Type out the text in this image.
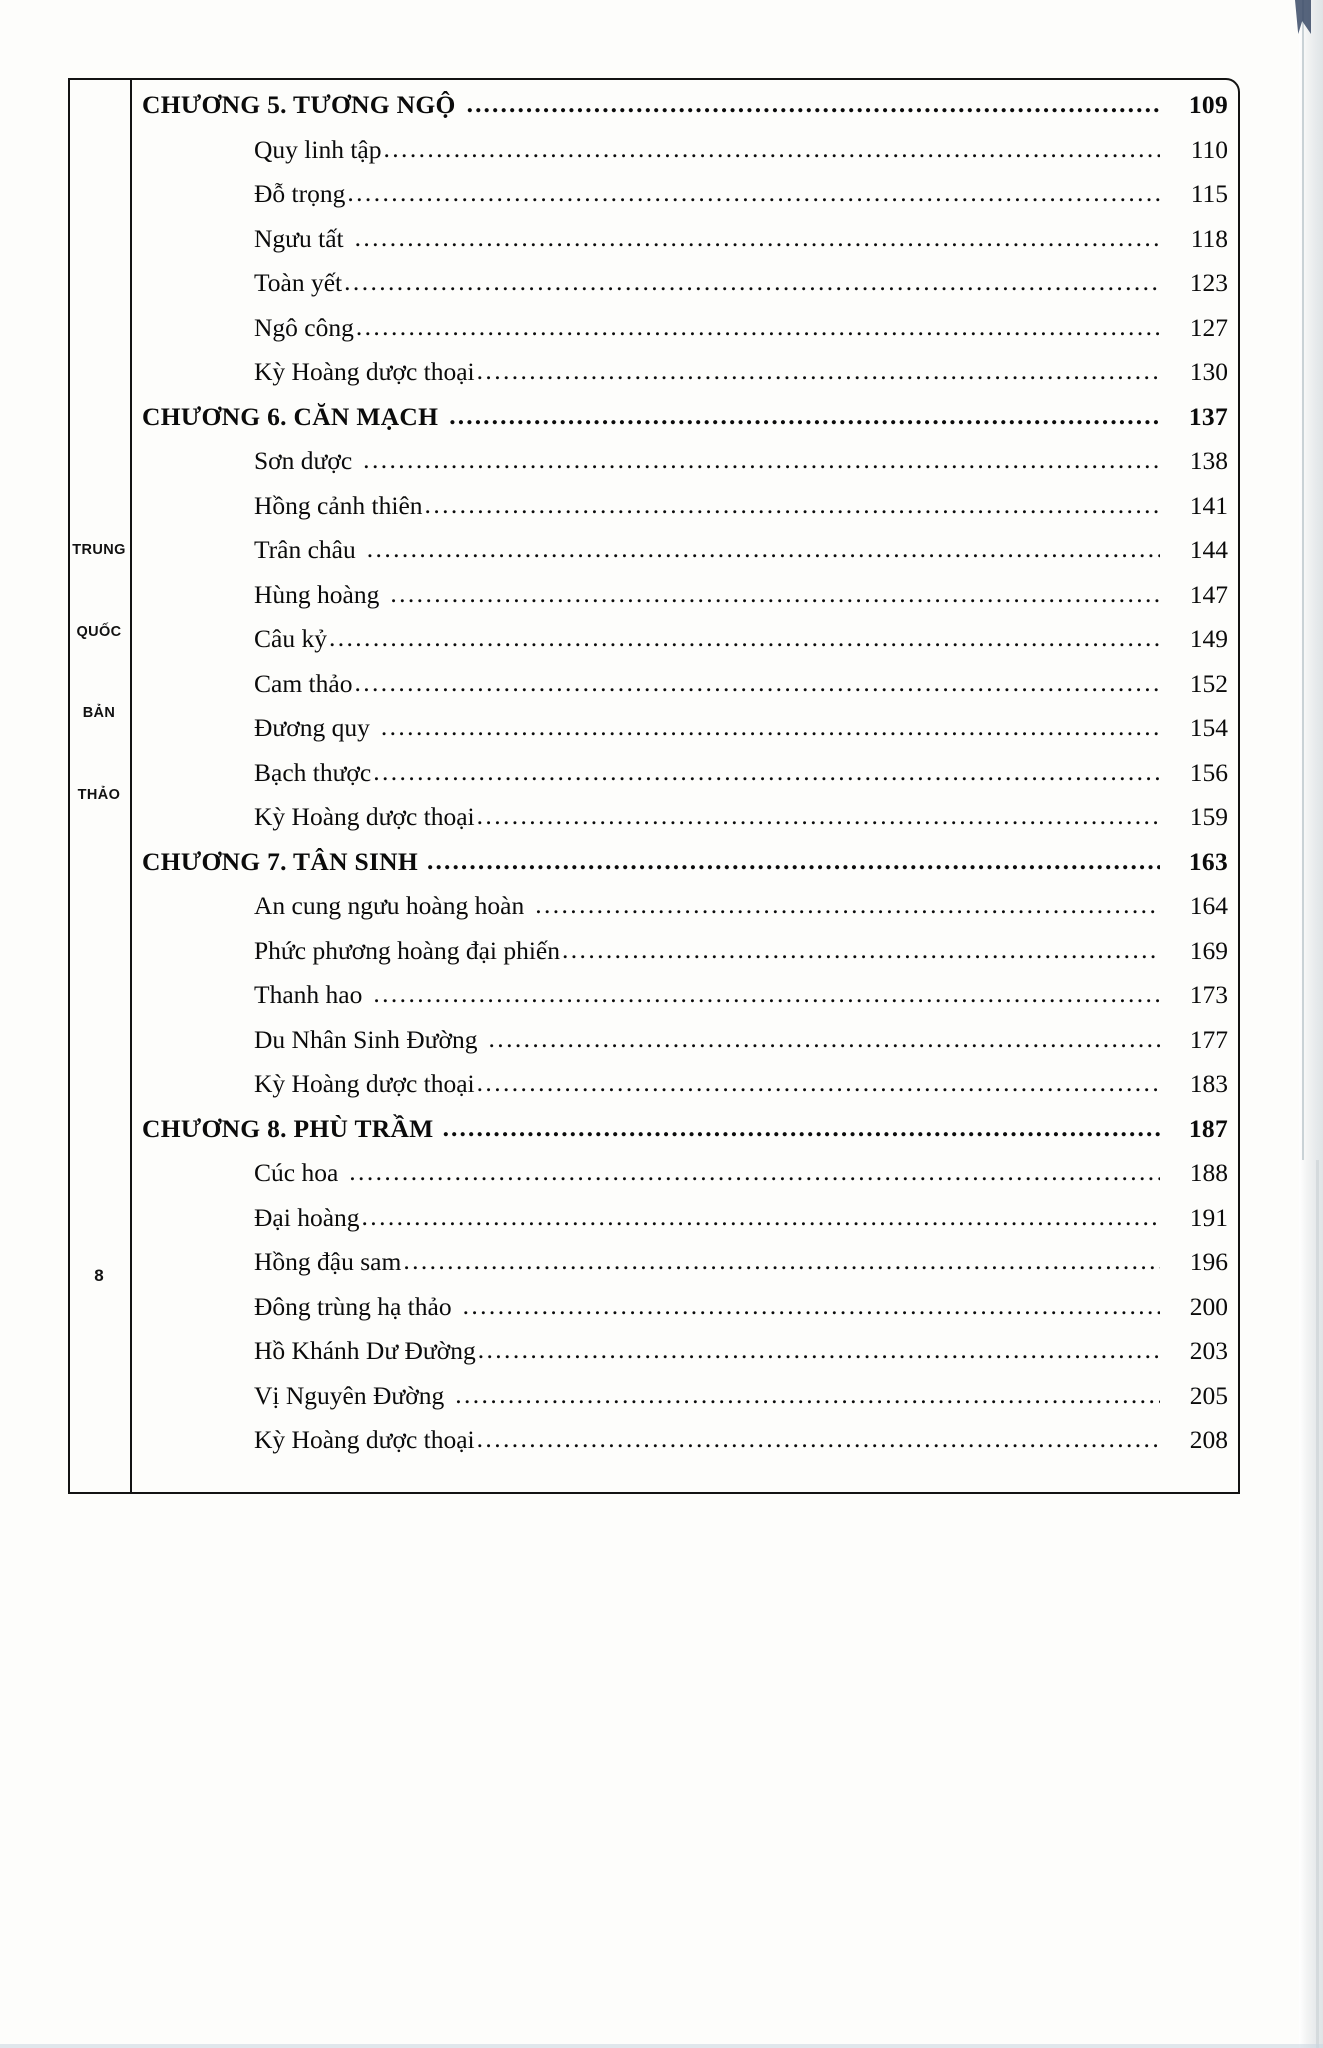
TRUNG
QUỐC
BẢN
THẢO
8
CHƯƠNG 5. TƯƠNG NGỘ .....	109
Quy linh tập .....	110
Đỗ trọng .....	115
Ngưu tất .....	118
Toàn yết .....	123
Ngô công .....	127
Kỳ Hoàng dược thoại .....	130
CHƯƠNG 6. CĂN MẠCH .....	137
Sơn dược .....	138
Hồng cảnh thiên .....	141
Trân châu .....	144
Hùng hoàng .....	147
Câu kỷ .....	149
Cam thảo .....	152
Đương quy .....	154
Bạch thược .....	156
Kỳ Hoàng dược thoại .....	159
CHƯƠNG 7. TÂN SINH .....	163
An cung ngưu hoàng hoàn .....	164
Phức phương hoàng đại phiến .....	169
Thanh hao .....	173
Du Nhân Sinh Đường .....	177
Kỳ Hoàng dược thoại .....	183
CHƯƠNG 8. PHÙ TRẦM .....	187
Cúc hoa .....	188
Đại hoàng .....	191
Hồng đậu sam .....	196
Đông trùng hạ thảo .....	200
Hồ Khánh Dư Đường .....	203
Vị Nguyên Đường .....	205
Kỳ Hoàng dược thoại .....	208
